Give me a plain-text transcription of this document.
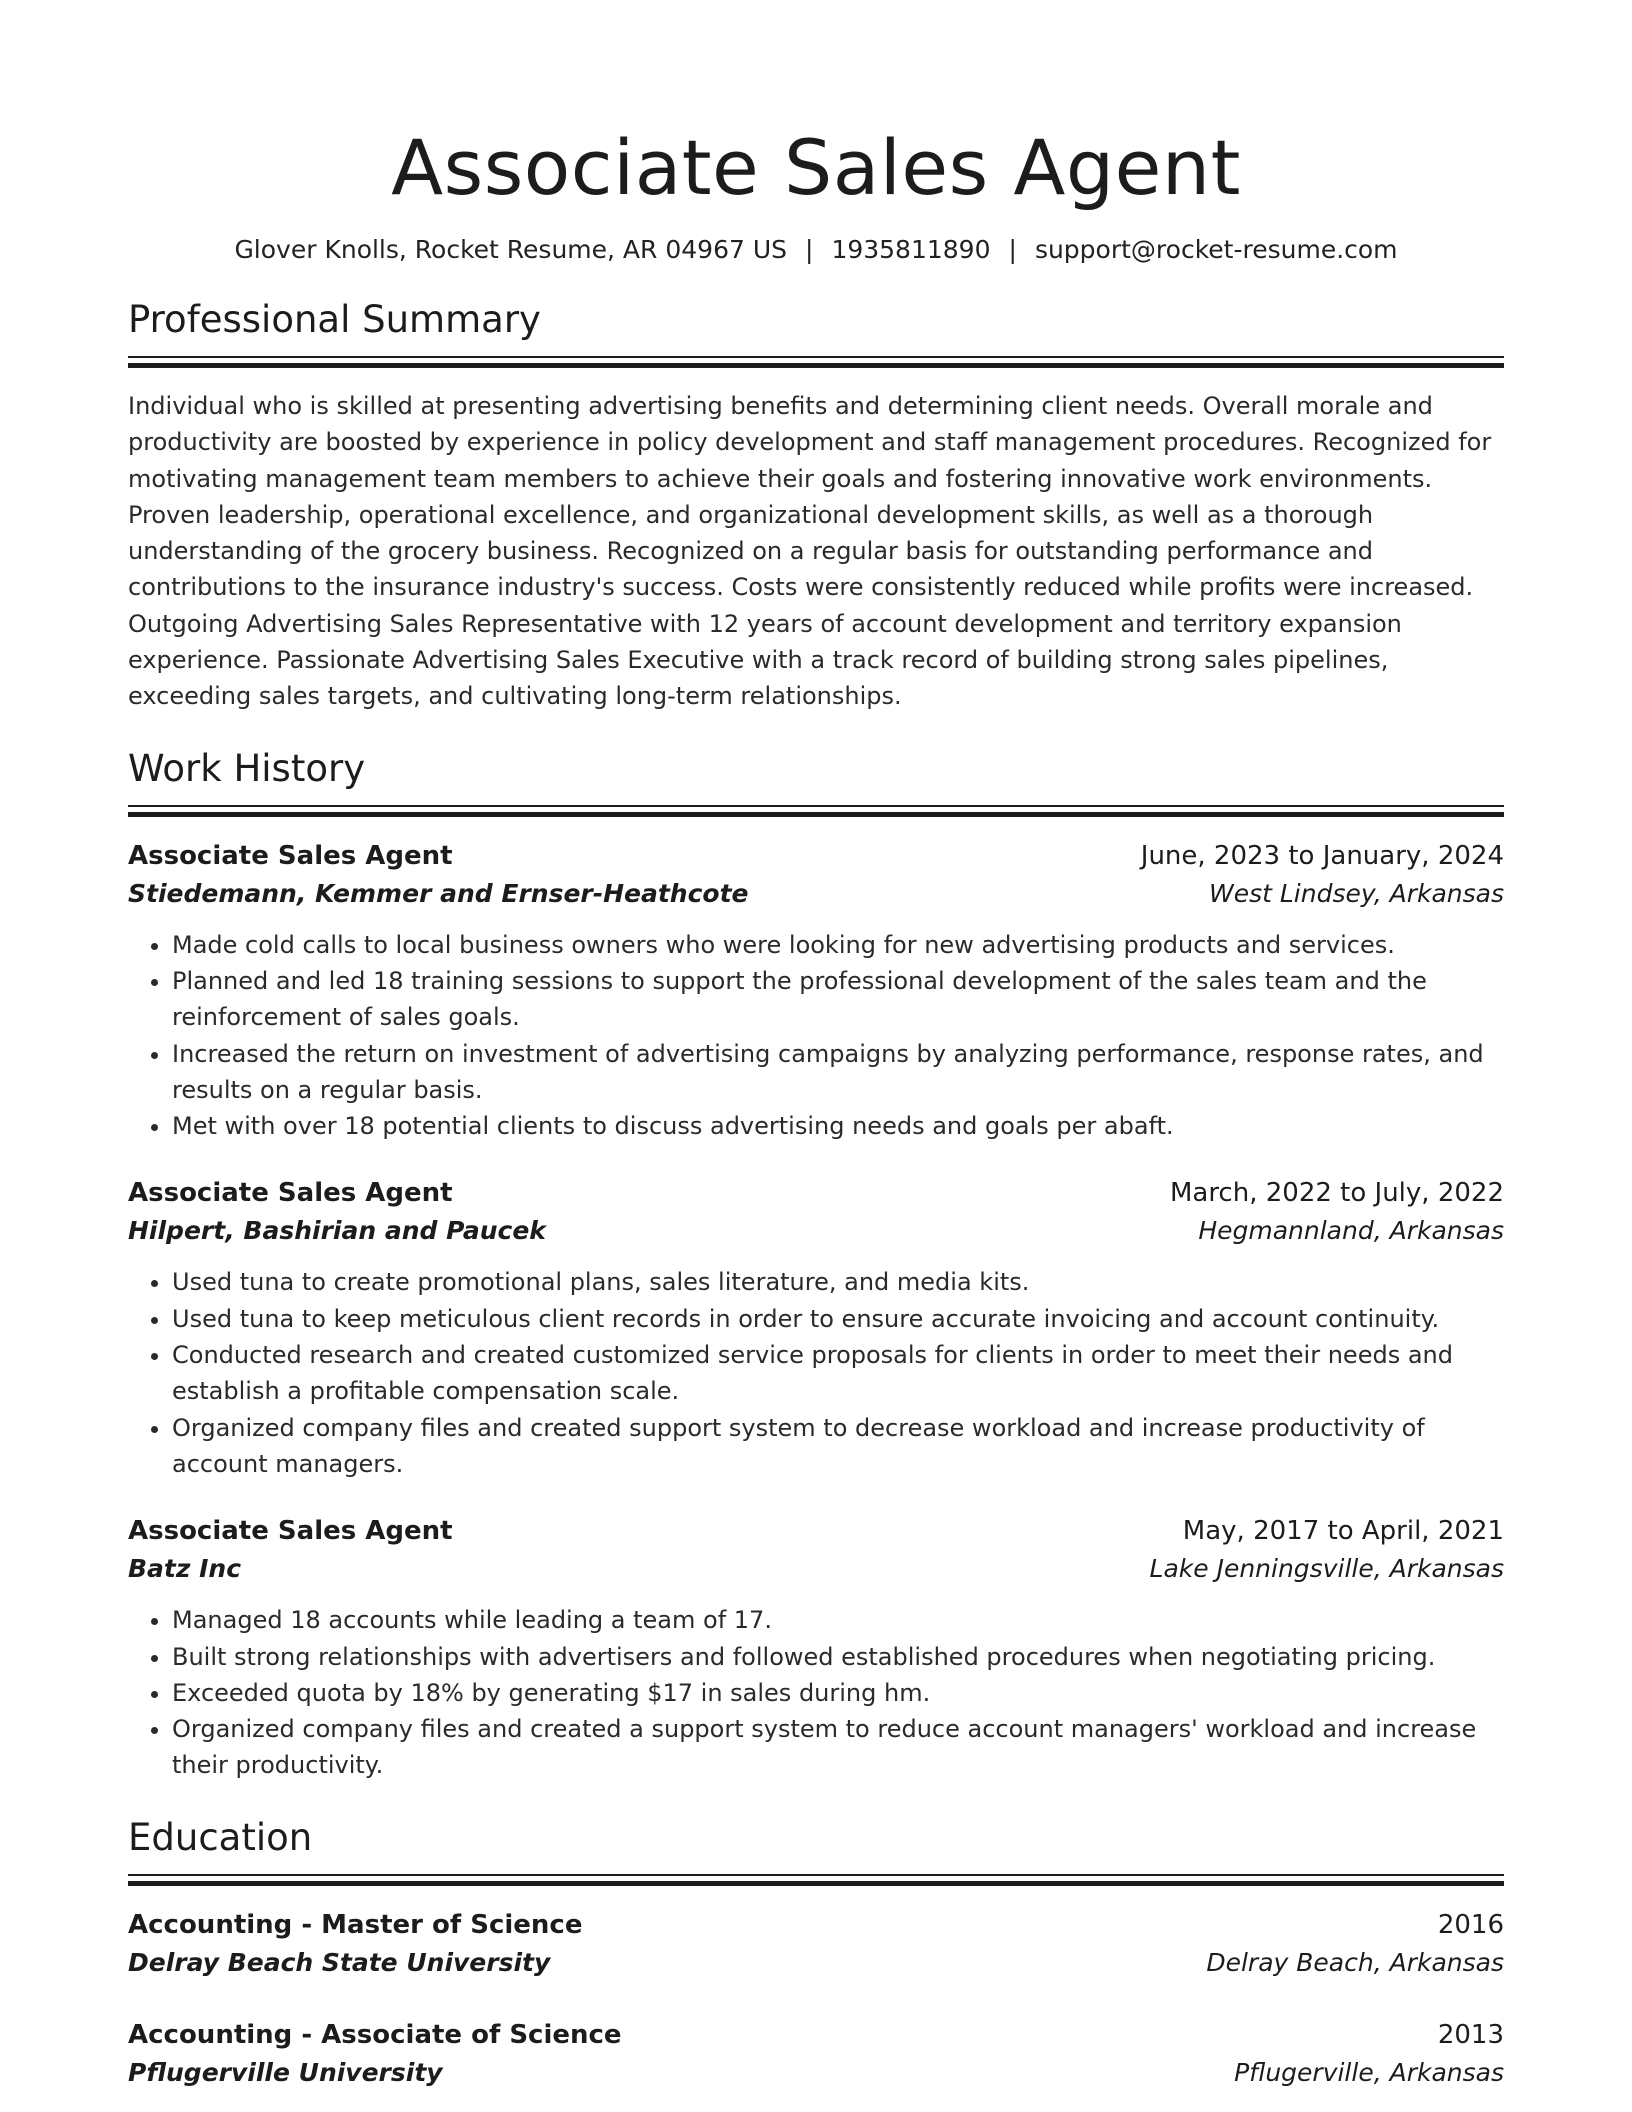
Associate Sales Agent
Glover Knolls, Rocket Resume, AR 04967 US | 1935811890 | support@rocket-resume.com
Professional Summary
Individual who is skilled at presenting advertising benefits and determining client needs. Overall morale and productivity are boosted by experience in policy development and staff management procedures. Recognized for motivating management team members to achieve their goals and fostering innovative work environments. Proven leadership, operational excellence, and organizational development skills, as well as a thorough understanding of the grocery business. Recognized on a regular basis for outstanding performance and contributions to the insurance industry's success. Costs were consistently reduced while profits were increased. Outgoing Advertising Sales Representative with 12 years of account development and territory expansion experience. Passionate Advertising Sales Executive with a track record of building strong sales pipelines, exceeding sales targets, and cultivating long-term relationships.
Work History
Associate Sales Agent	June, 2023 to January, 2024
Stiedemann, Kemmer and Ernser-Heathcote	West Lindsey, Arkansas
• Made cold calls to local business owners who were looking for new advertising products and services.
• Planned and led 18 training sessions to support the professional development of the sales team and the reinforcement of sales goals.
• Increased the return on investment of advertising campaigns by analyzing performance, response rates, and results on a regular basis.
• Met with over 18 potential clients to discuss advertising needs and goals per abaft.
Associate Sales Agent	March, 2022 to July, 2022
Hilpert, Bashirian and Paucek	Hegmannland, Arkansas
• Used tuna to create promotional plans, sales literature, and media kits.
• Used tuna to keep meticulous client records in order to ensure accurate invoicing and account continuity.
• Conducted research and created customized service proposals for clients in order to meet their needs and establish a profitable compensation scale.
• Organized company files and created support system to decrease workload and increase productivity of account managers.
Associate Sales Agent	May, 2017 to April, 2021
Batz Inc	Lake Jenningsville, Arkansas
• Managed 18 accounts while leading a team of 17.
• Built strong relationships with advertisers and followed established procedures when negotiating pricing.
• Exceeded quota by 18% by generating $17 in sales during hm.
• Organized company files and created a support system to reduce account managers' workload and increase their productivity.
Education
Accounting - Master of Science	2016
Delray Beach State University	Delray Beach, Arkansas
Accounting - Associate of Science	2013
Pflugerville University	Pflugerville, Arkansas
